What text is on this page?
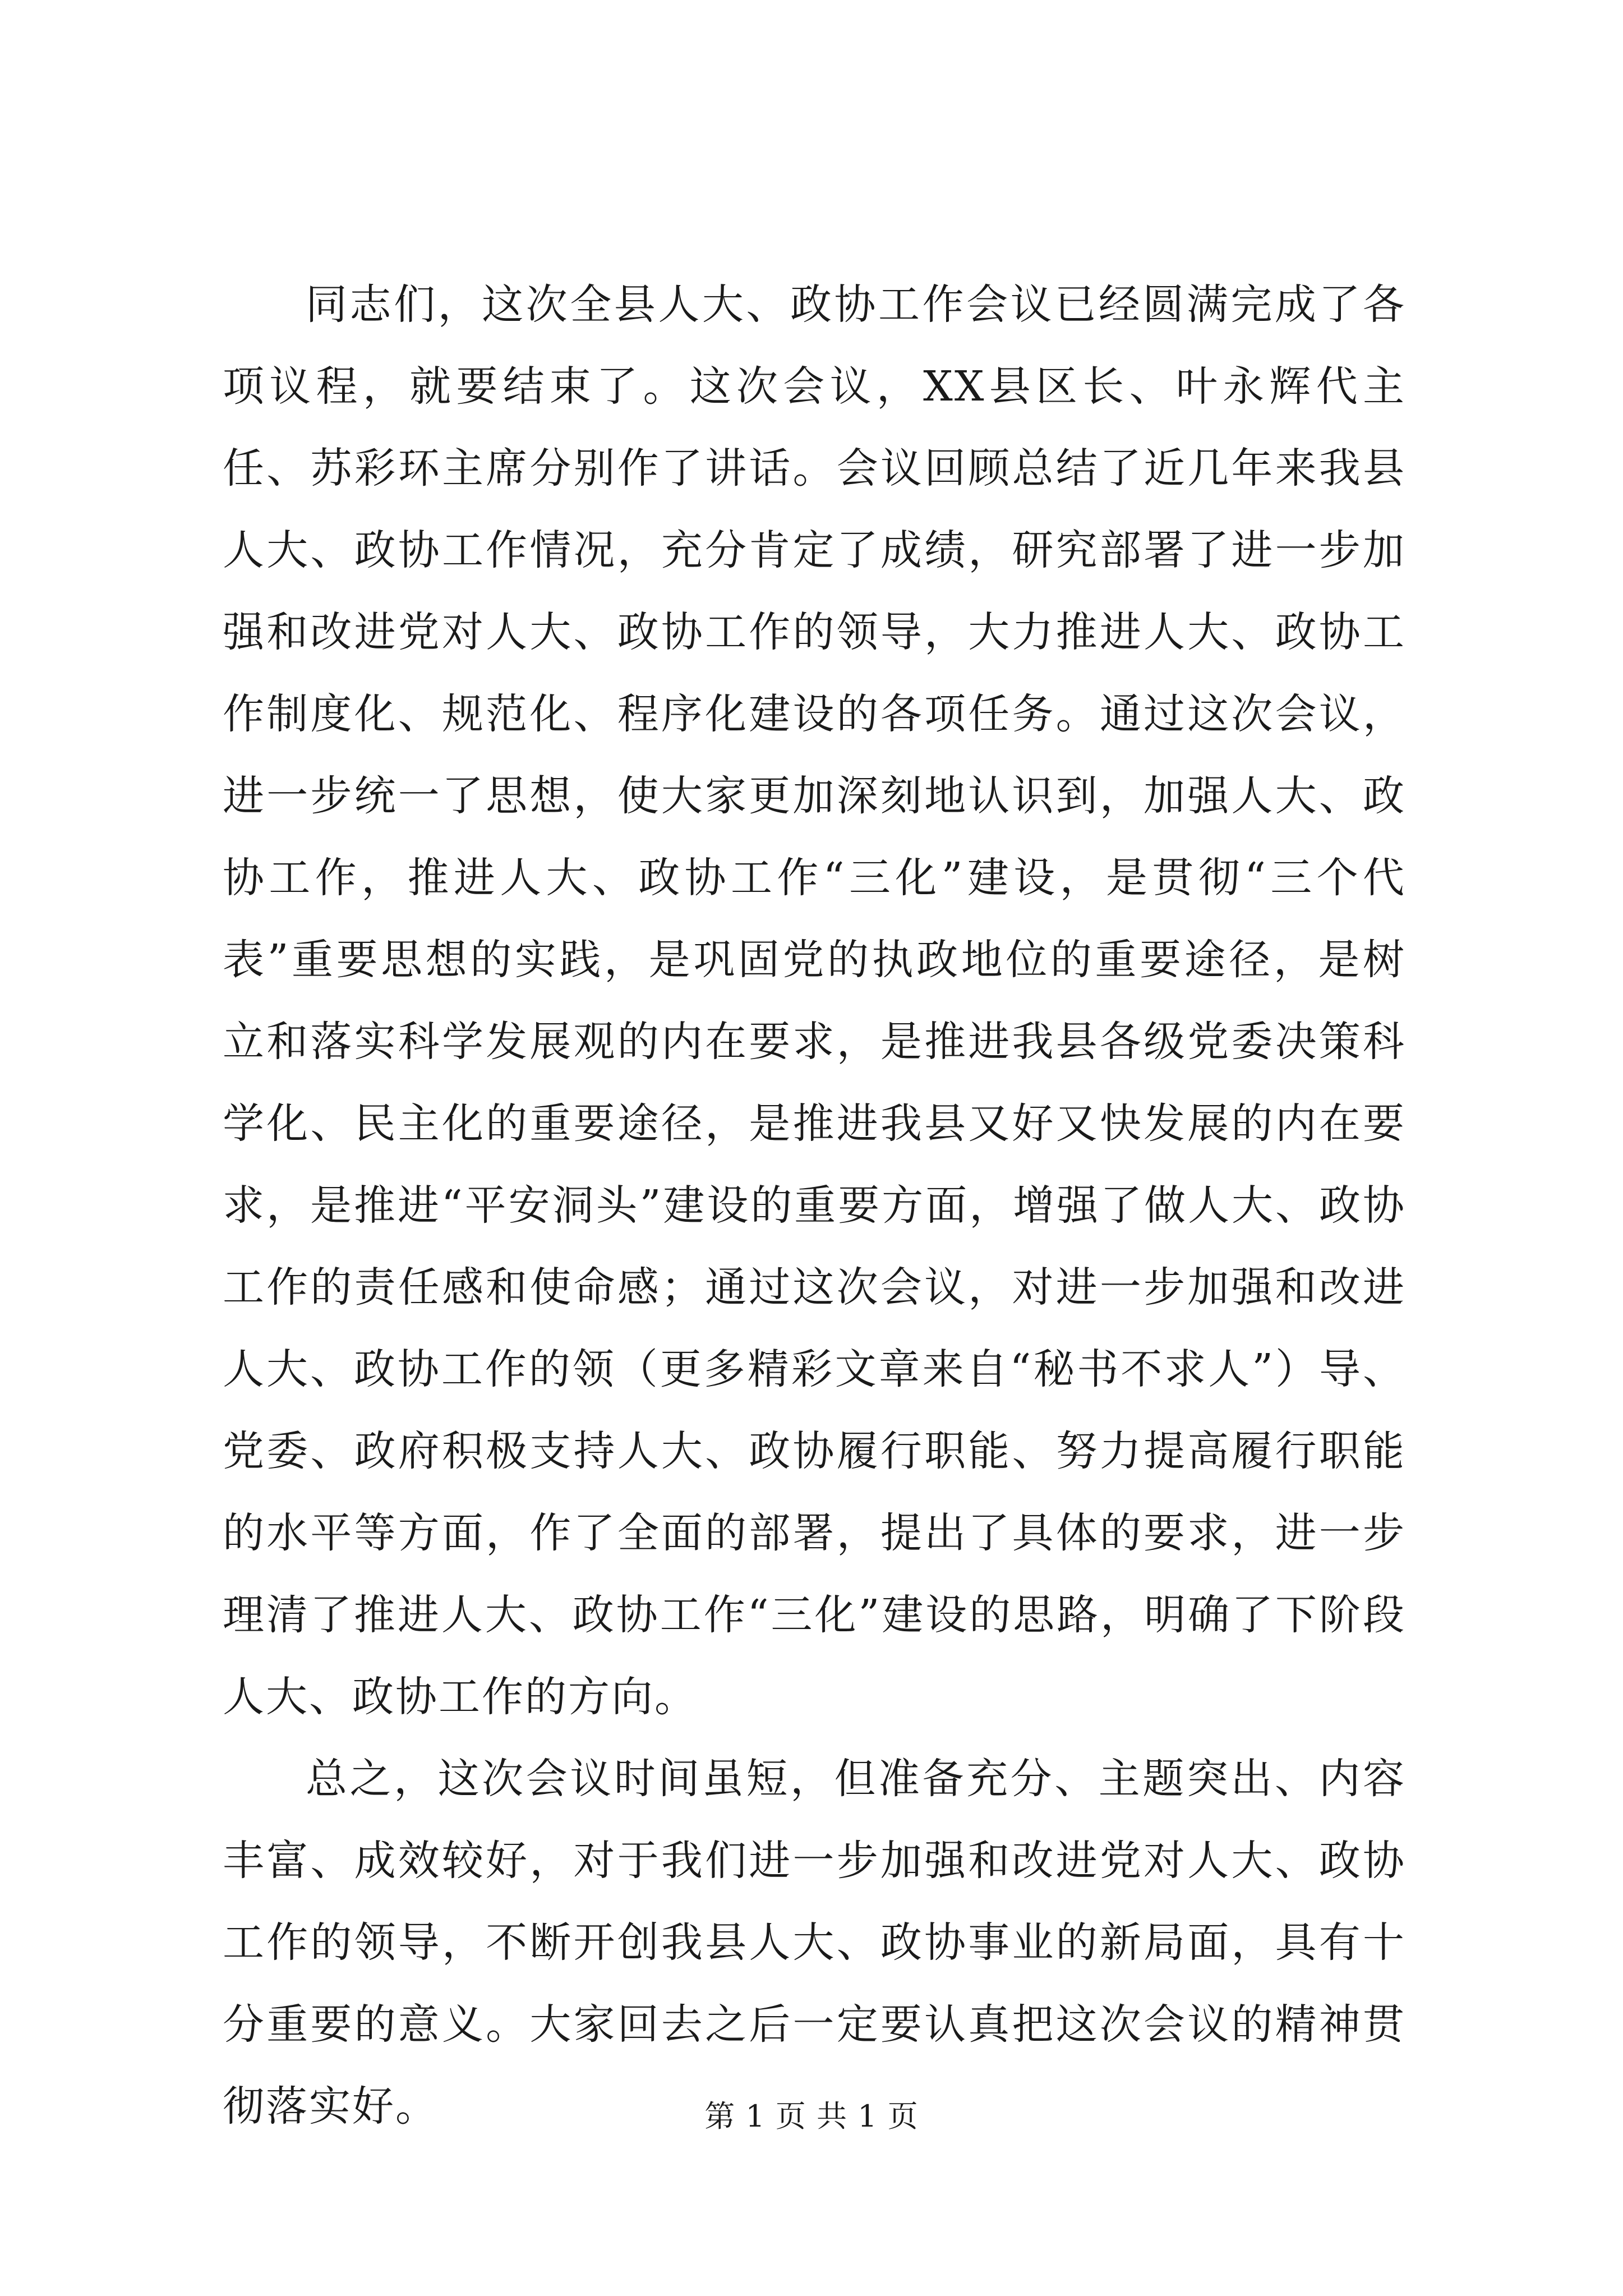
同志们，这次全县人大、政协工作会议已经圆满完成了各项议程，就要结束了。这次会议，XX县区长、叶永辉代主任、苏彩环主席分别作了讲话。会议回顾总结了近几年来我县人大、政协工作情况，充分肯定了成绩，研究部署了进一步加强和改进党对人大、政协工作的领导，大力推进人大、政协工作制度化、规范化、程序化建设的各项任务。通过这次会议，进一步统一了思想，使大家更加深刻地认识到，加强人大、政协工作，推进人大、政协工作“三化”建设，是贯彻“三个代表”重要思想的实践，是巩固党的执政地位的重要途径，是树立和落实科学发展观的内在要求，是推进我县各级党委决策科学化、民主化的重要途径，是推进我县又好又快发展的内在要求，是推进“平安洞头”建设的重要方面，增强了做人大、政协工作的责任感和使命感；通过这次会议，对进一步加强和改进人大、政协工作的领（更多精彩文章来自“秘书不求人”）导、党委、政府积极支持人大、政协履行职能、努力提高履行职能的水平等方面，作了全面的部署，提出了具体的要求，进一步理清了推进人大、政协工作“三化”建设的思路，明确了下阶段人大、政协工作的方向。

总之，这次会议时间虽短，但准备充分、主题突出、内容丰富、成效较好，对于我们进一步加强和改进党对人大、政协工作的领导，不断开创我县人大、政协事业的新局面，具有十分重要的意义。大家回去之后一定要认真把这次会议的精神贯彻落实好。	第 1 页 共 1 页
